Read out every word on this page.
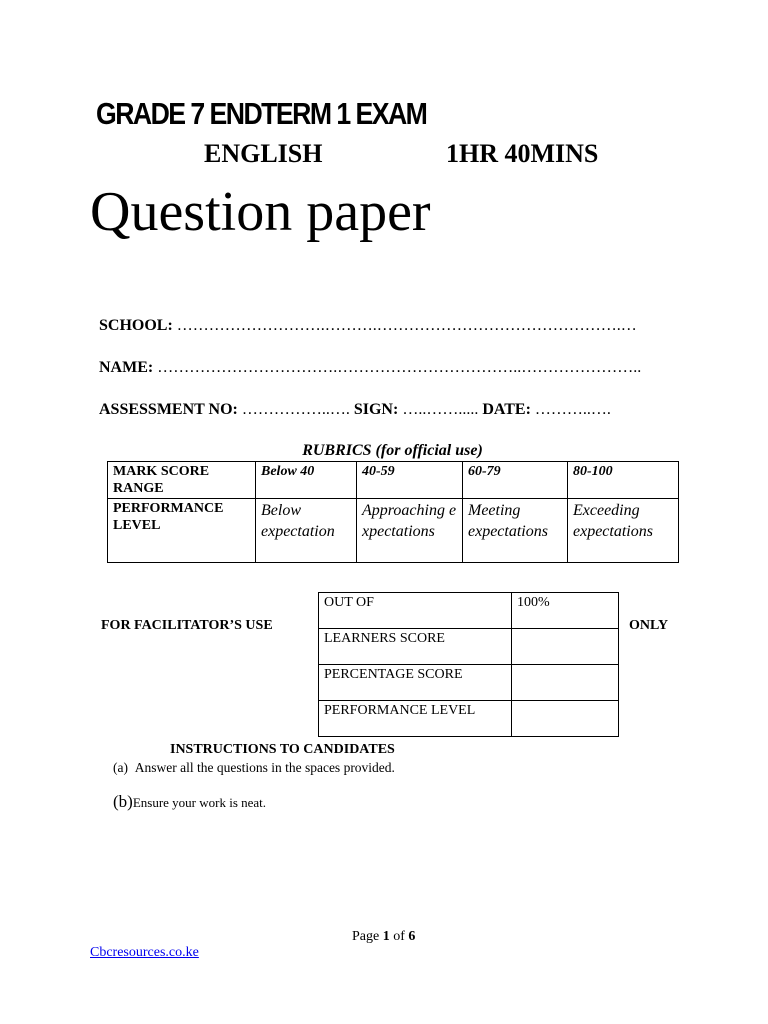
GRADE 7 ENDTERM 1 EXAM
ENGLISH	1HR 40MINS
Question paper
SCHOOL: ……………………….……….……………………………………….…
NAME: …………………………….……………………………..…………………..
ASSESSMENT NO: ……………..…. SIGN: …..……..... DATE: ………..….
RUBRICS (for official use)
MARK SCORE RANGE	Below 40	40-59	60-79	80-100
PERFORMANCE LEVEL	Below expectation	Approaching expectations	Meeting expectations	Exceeding expectations
FOR FACILITATOR’S USE
OUT OF	100%
LEARNERS SCORE	
PERCENTAGE SCORE	
PERFORMANCE LEVEL	
ONLY
INSTRUCTIONS TO CANDIDATES
(a) Answer all the questions in the spaces provided.
(b)Ensure your work is neat.
Page 1 of 6
Cbcresources.co.ke
